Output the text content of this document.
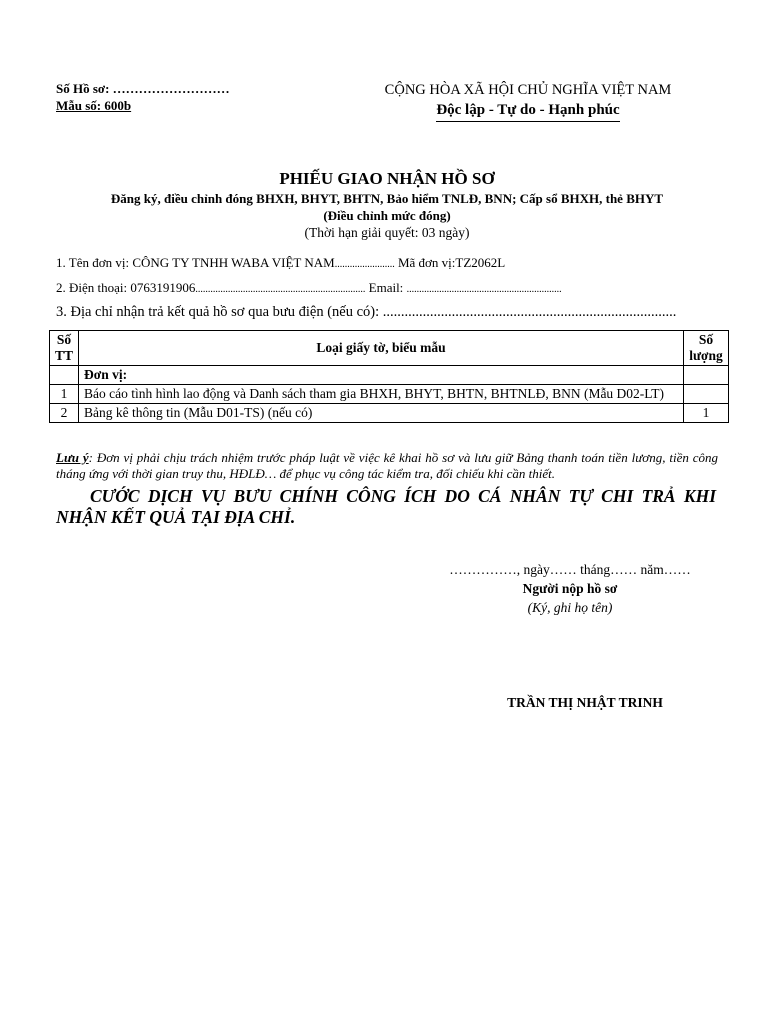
Số Hồ sơ: ………………………
Mẫu số: 600b
CỘNG HÒA XÃ HỘI CHỦ NGHĨA VIỆT NAM
Độc lập - Tự do - Hạnh phúc
PHIẾU GIAO NHẬN HỒ SƠ
Đăng ký, điều chỉnh đóng BHXH, BHYT, BHTN, Bảo hiểm TNLĐ, BNN; Cấp sổ BHXH, thẻ BHYT
(Điều chỉnh mức đóng)
(Thời hạn giải quyết: 03 ngày)
1. Tên đơn vị: CÔNG TY TNHH WABA VIỆT NAM........................ Mã đơn vị:TZ2062L
2. Điện thoại: 0763191906.................................................................... Email: ..............................................................
3. Địa chỉ nhận trả kết quả hồ sơ qua bưu điện (nếu có): .................................................................................
Số TT	Loại giấy tờ, biểu mẫu	Số lượng
	Đơn vị:	
1	Báo cáo tình hình lao động và Danh sách tham gia BHXH, BHYT, BHTN, BHTNLĐ, BNN (Mẫu D02-LT)	
2	Bảng kê thông tin (Mẫu D01-TS) (nếu có)	1
Lưu ý: Đơn vị phải chịu trách nhiệm trước pháp luật về việc kê khai hồ sơ và lưu giữ Bảng thanh toán tiền lương, tiền công tháng ứng với thời gian truy thu, HĐLĐ… để phục vụ công tác kiểm tra, đối chiếu khi cần thiết.
CƯỚC DỊCH VỤ BƯU CHÍNH CÔNG ÍCH DO CÁ NHÂN TỰ CHI TRẢ KHI NHẬN KẾT QUẢ TẠI ĐỊA CHỈ.
……………, ngày…… tháng…… năm……
Người nộp hồ sơ
(Ký, ghi họ tên)
TRẦN THỊ NHẬT TRINH
